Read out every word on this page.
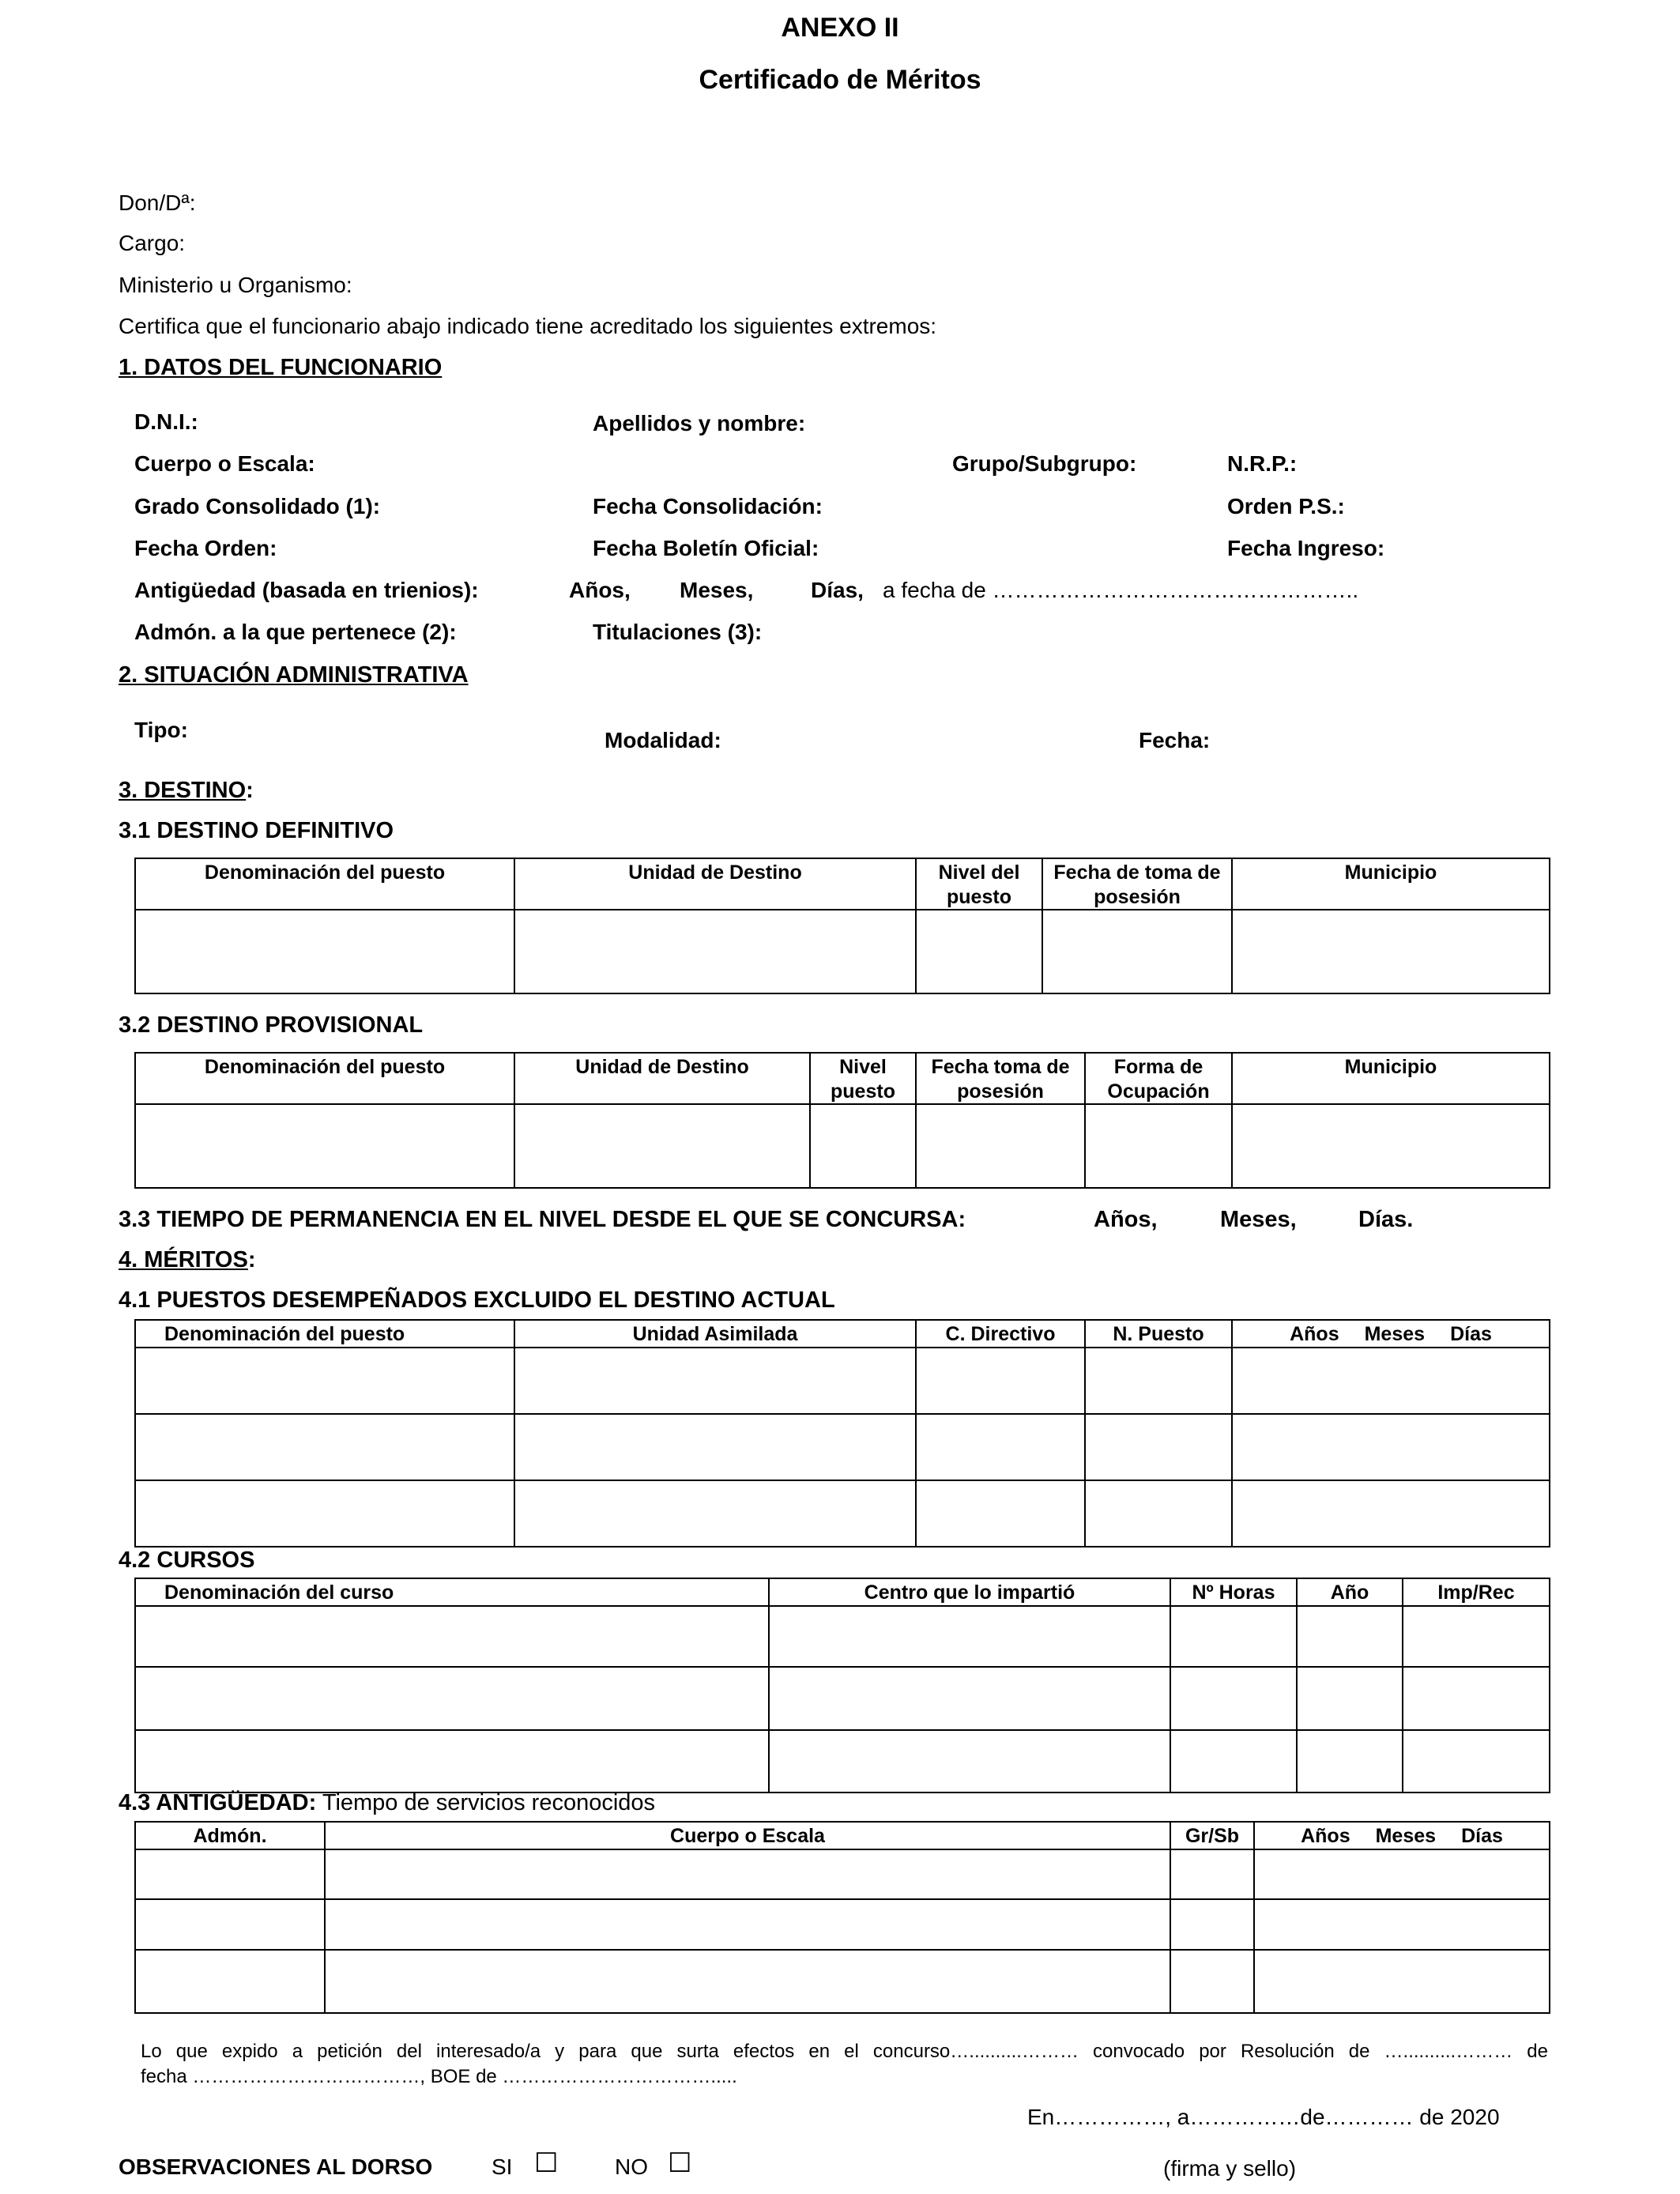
ANEXO II
Certificado de Méritos
Don/Dª:
Cargo:
Ministerio u Organismo:
Certifica que el funcionario abajo indicado tiene acreditado los siguientes extremos:
1. DATOS DEL FUNCIONARIO
D.N.I.:	Apellidos y nombre:
Cuerpo o Escala:	Grupo/Subgrupo:	N.R.P.:
Grado Consolidado (1):	Fecha Consolidación:	Orden P.S.:
Fecha Orden:	Fecha Boletín Oficial:	Fecha Ingreso:
Antigüedad (basada en trienios):	Años, Meses,	Días, a fecha de …………………………………………..
Admón. a la que pertenece (2):	Titulaciones (3):
2. SITUACIÓN ADMINISTRATIVA
Tipo:	Modalidad:	Fecha:
3. DESTINO:
3.1 DESTINO DEFINITIVO
Denominación del puesto	Unidad de Destino	Nivel del puesto	Fecha de toma de posesión	Municipio

3.2 DESTINO PROVISIONAL
Denominación del puesto	Unidad de Destino	Nivel puesto	Fecha toma de posesión	Forma de Ocupación	Municipio

3.3 TIEMPO DE PERMANENCIA EN EL NIVEL DESDE EL QUE SE CONCURSA:	Años,	Meses,	Días.
4. MÉRITOS:
4.1 PUESTOS DESEMPEÑADOS EXCLUIDO EL DESTINO ACTUAL
Denominación del puesto	Unidad Asimilada	C. Directivo	N. Puesto	Años Meses Días

4.2 CURSOS
Denominación del curso	Centro que lo impartió	Nº Horas	Año	Imp/Rec

4.3 ANTIGÜEDAD: Tiempo de servicios reconocidos
Admón.	Cuerpo o Escala	Gr/Sb	Años Meses Días

Lo que expido a petición del interesado/a y para que surta efectos en el concurso…..........……… convocado por Resolución de …..........……… de
fecha ………………………………, BOE de …………………………….....
En……………, a……………de………… de 2020
OBSERVACIONES AL DORSO	SI ☐	NO ☐	(firma y sello)
